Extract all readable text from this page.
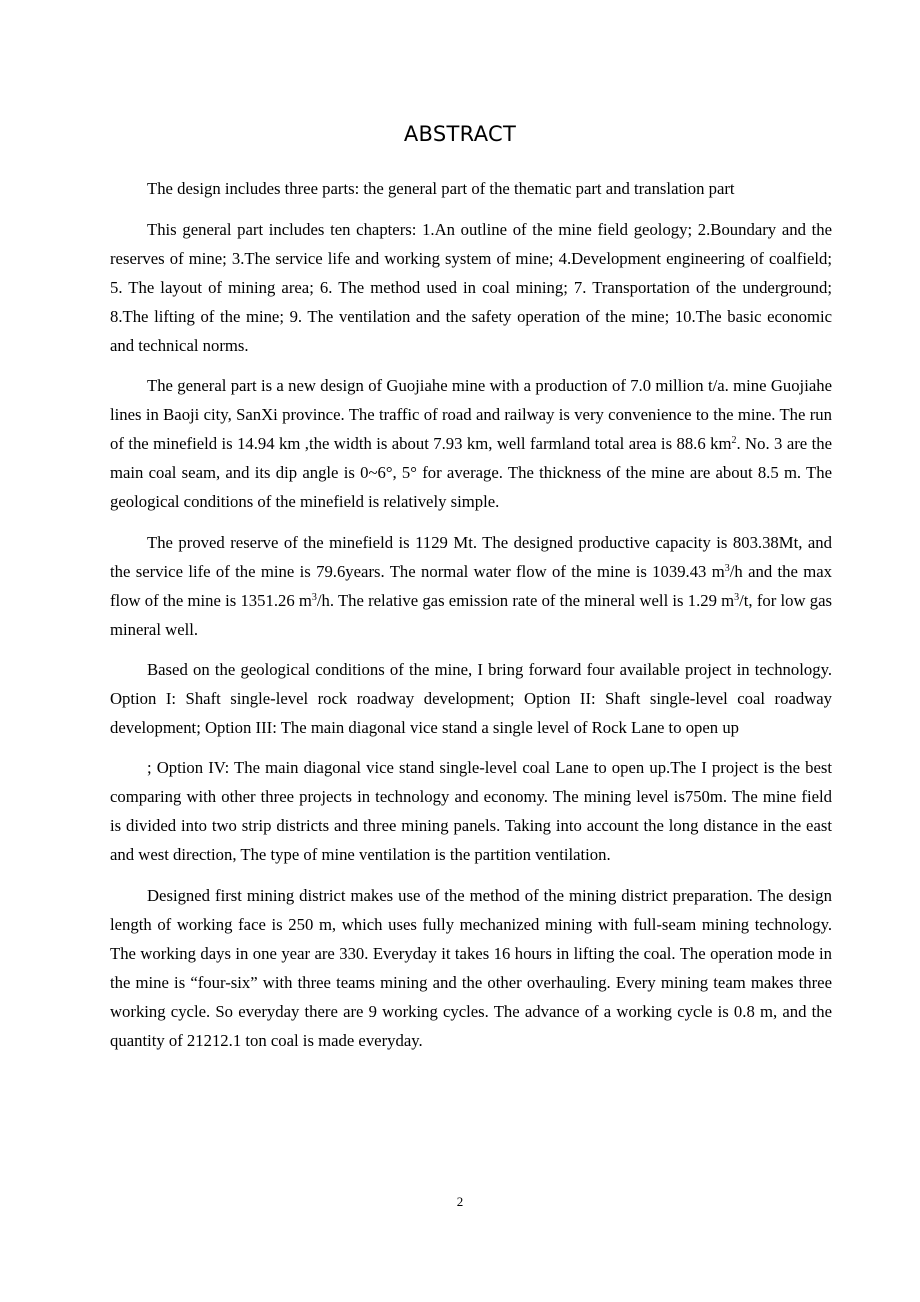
ABSTRACT

The design includes three parts: the general part of the thematic part and translation part

This general part includes ten chapters: 1.An outline of the mine field geology; 2.Boundary and the reserves of mine; 3.The service life and working system of mine; 4.Development engineering of coalfield; 5. The layout of mining area; 6. The method used in coal mining; 7. Transportation of the underground; 8.The lifting of the mine; 9. The ventilation and the safety operation of the mine; 10.The basic economic and technical norms.

The general part is a new design of Guojiahe mine with a production of 7.0 million t/a. mine Guojiahe lines in Baoji city, SanXi province. The traffic of road and railway is very convenience to the mine. The run of the minefield is 14.94 km ,the width is about 7.93 km, well farmland total area is 88.6 $km^2$. No. 3 are the main coal seam, and its dip angle is 0~6°, 5° for average. The thickness of the mine are about 8.5 m. The geological conditions of the minefield is relatively simple.

The proved reserve of the minefield is 1129 Mt. The designed productive capacity is 803.38Mt, and the service life of the mine is 79.6years. The normal water flow of the mine is 1039.43 $m^3/h$ and the max flow of the mine is 1351.26 $m^3/h$. The relative gas emission rate of the mineral well is 1.29 $m^3/t$, for low gas mineral well.

Based on the geological conditions of the mine, I bring forward four available project in technology. Option I: Shaft single-level rock roadway development; Option II: Shaft single-level coal roadway development; Option III: The main diagonal vice stand a single level of Rock Lane to open up

; Option IV: The main diagonal vice stand single-level coal Lane to open up.The I project is the best comparing with other three projects in technology and economy. The mining level is750m. The mine field is divided into two strip districts and three mining panels. Taking into account the long distance in the east and west direction, The type of mine ventilation is the partition ventilation.

Designed first mining district makes use of the method of the mining district preparation. The design length of working face is 250 m, which uses fully mechanized mining with full-seam mining technology. The working days in one year are 330. Everyday it takes 16 hours in lifting the coal. The operation mode in the mine is “four-six” with three teams mining and the other overhauling. Every mining team makes three working cycle. So everyday there are 9 working cycles. The advance of a working cycle is 0.8 m, and the quantity of 21212.1 ton coal is made everyday.

2
